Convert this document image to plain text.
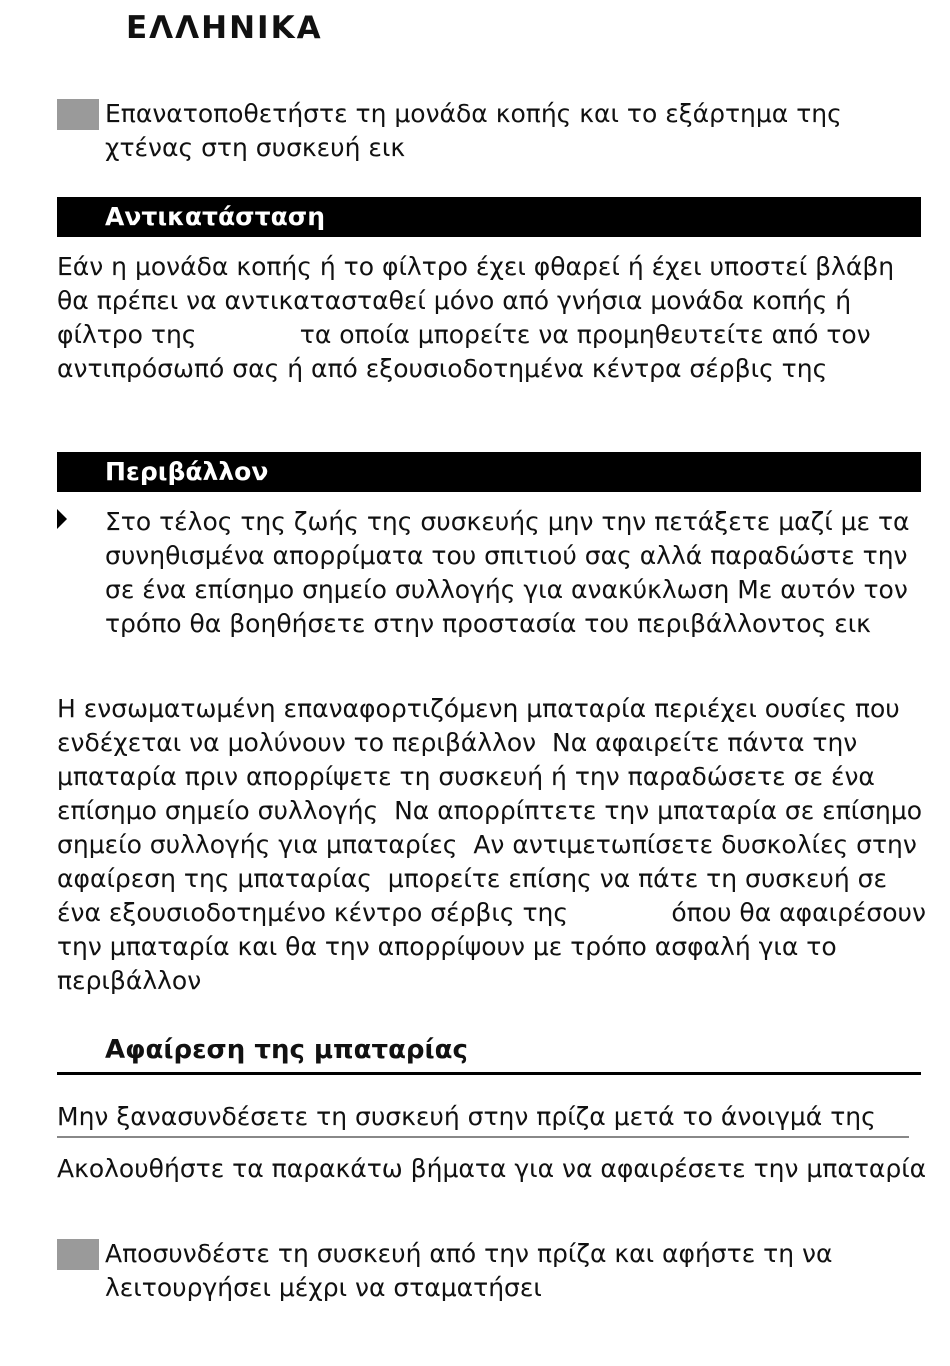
ΕΛΛΗΝΙΚΑ
Επανατοποθετήστε τη μονάδα κοπής και το εξάρτημα της χτένας στη συσκευή εικ
Αντικατάσταση

Εάν η μονάδα κοπής ή το φίλτρο έχει φθαρεί ή έχει υποστεί βλάβη  θα πρέπει να αντικατασταθεί μόνο από γνήσια μονάδα κοπής ή φίλτρο της             τα οποία μπορείτε να προμηθευτείτε από τον αντιπρόσωπό σας ή από εξουσιοδοτημένα κέντρα σέρβις της

Περιβάλλον
Στο τέλος της ζωής της συσκευής μην την πετάξετε μαζί με τα συνηθισμένα απορρίματα του σπιτιού σας αλλά παραδώστε την σε ένα επίσημο σημείο συλλογής για ανακύκλωση Με αυτόν τον τρόπο θα βοηθήσετε στην προστασία του περιβάλλοντος εικ

Η ενσωματωμένη επαναφορτιζόμενη μπαταρία περιέχει ουσίες που ενδέχεται να μολύνουν το περιβάλλον  Να αφαιρείτε πάντα την μπαταρία πριν απορρίψετε τη συσκευή ή την παραδώσετε σε ένα επίσημο σημείο συλλογής  Να απορρίπτετε την μπαταρία σε επίσημο σημείο συλλογής για μπαταρίες  Αν αντιμετωπίσετε δυσκολίες στην αφαίρεση της μπαταρίας  μπορείτε επίσης να πάτε τη συσκευή σε ένα εξουσιοδοτημένο κέντρο σέρβις της             όπου θα αφαιρέσουν την μπαταρία και θα την απορρίψουν με τρόπο ασφαλή για το περιβάλλον

Αφαίρεση της μπαταρίας
Μην ξανασυνδέσετε τη συσκευή στην πρίζα μετά το άνοιγμά της

Ακολουθήστε τα παρακάτω βήματα για να αφαιρέσετε την μπαταρία

Αποσυνδέστε τη συσκευή από την πρίζα και αφήστε τη να λειτουργήσει μέχρι να σταματήσει
